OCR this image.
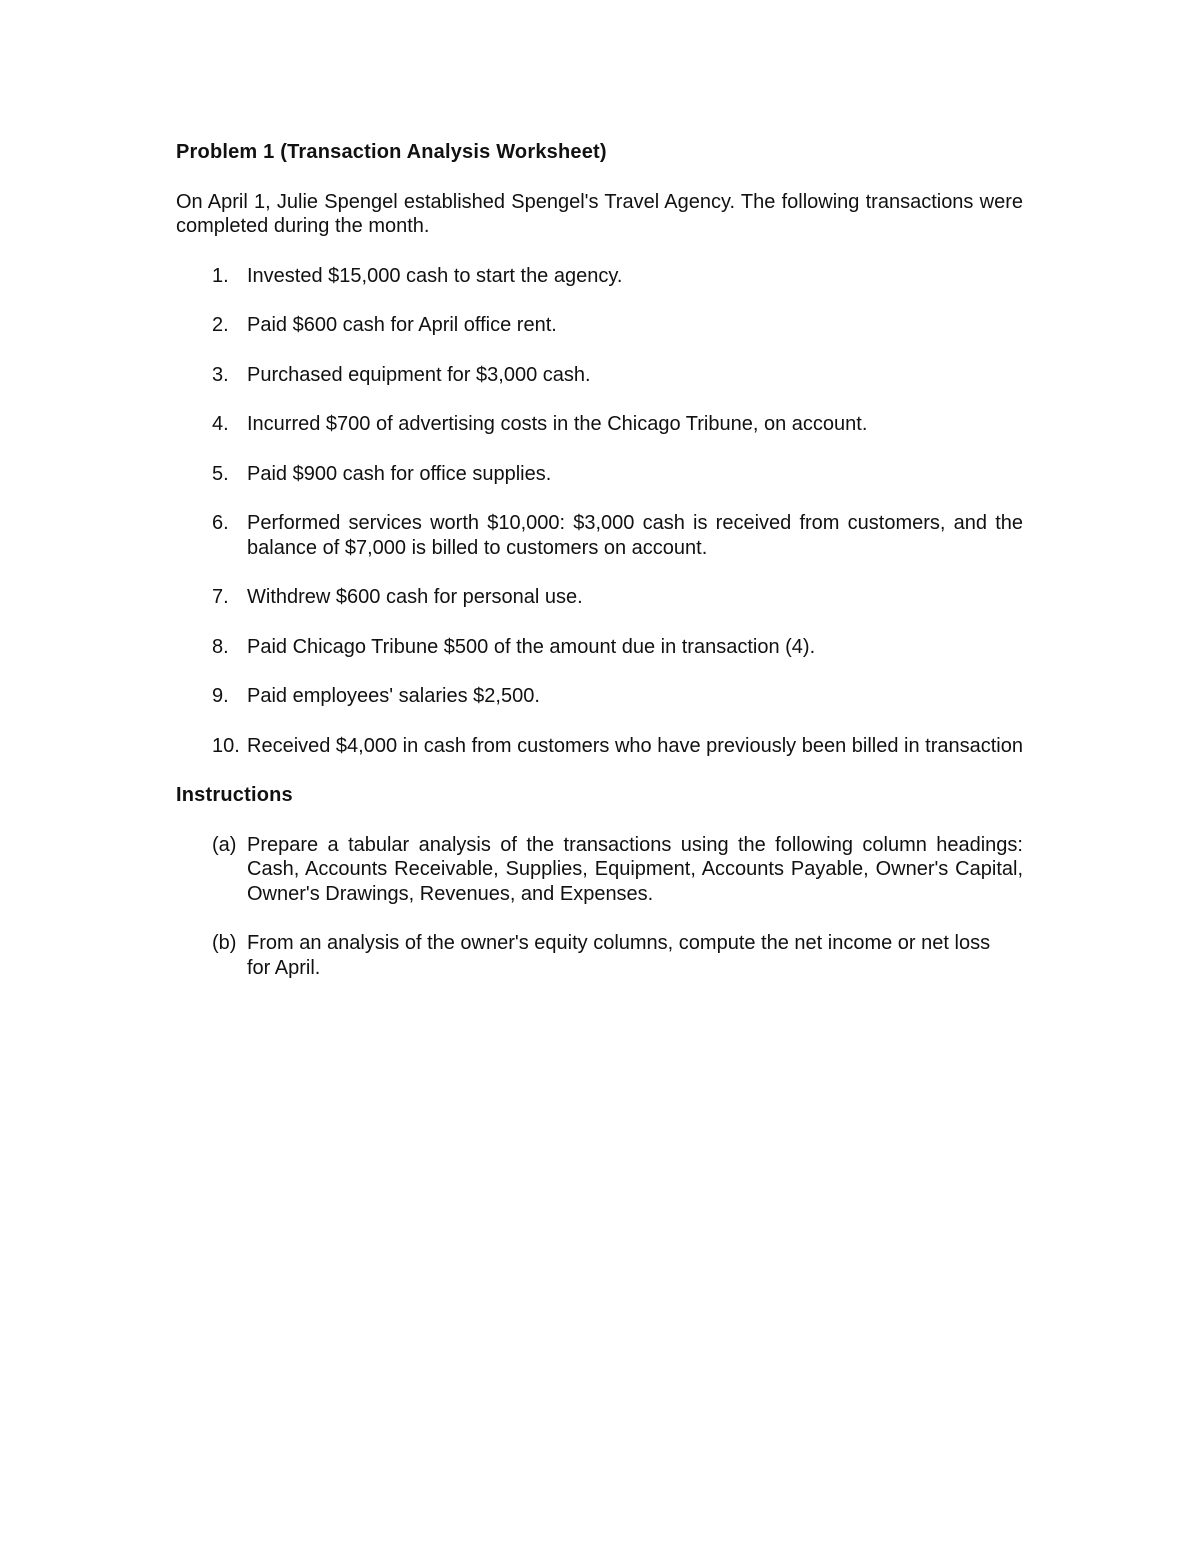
Problem 1 (Transaction Analysis Worksheet)

On April 1, Julie Spengel established Spengel's Travel Agency. The following transactions were completed during the month.

1. Invested $15,000 cash to start the agency.
2. Paid $600 cash for April office rent.
3. Purchased equipment for $3,000 cash.
4. Incurred $700 of advertising costs in the Chicago Tribune, on account.
5. Paid $900 cash for office supplies.
6. Performed services worth $10,000: $3,000 cash is received from customers, and the balance of $7,000 is billed to customers on account.
7. Withdrew $600 cash for personal use.
8. Paid Chicago Tribune $500 of the amount due in transaction (4).
9. Paid employees' salaries $2,500.
10. Received $4,000 in cash from customers who have previously been billed in transaction

Instructions

(a) Prepare a tabular analysis of the transactions using the following column headings: Cash, Accounts Receivable, Supplies, Equipment, Accounts Payable, Owner's Capital, Owner's Drawings, Revenues, and Expenses.
(b) From an analysis of the owner's equity columns, compute the net income or net loss for April.
